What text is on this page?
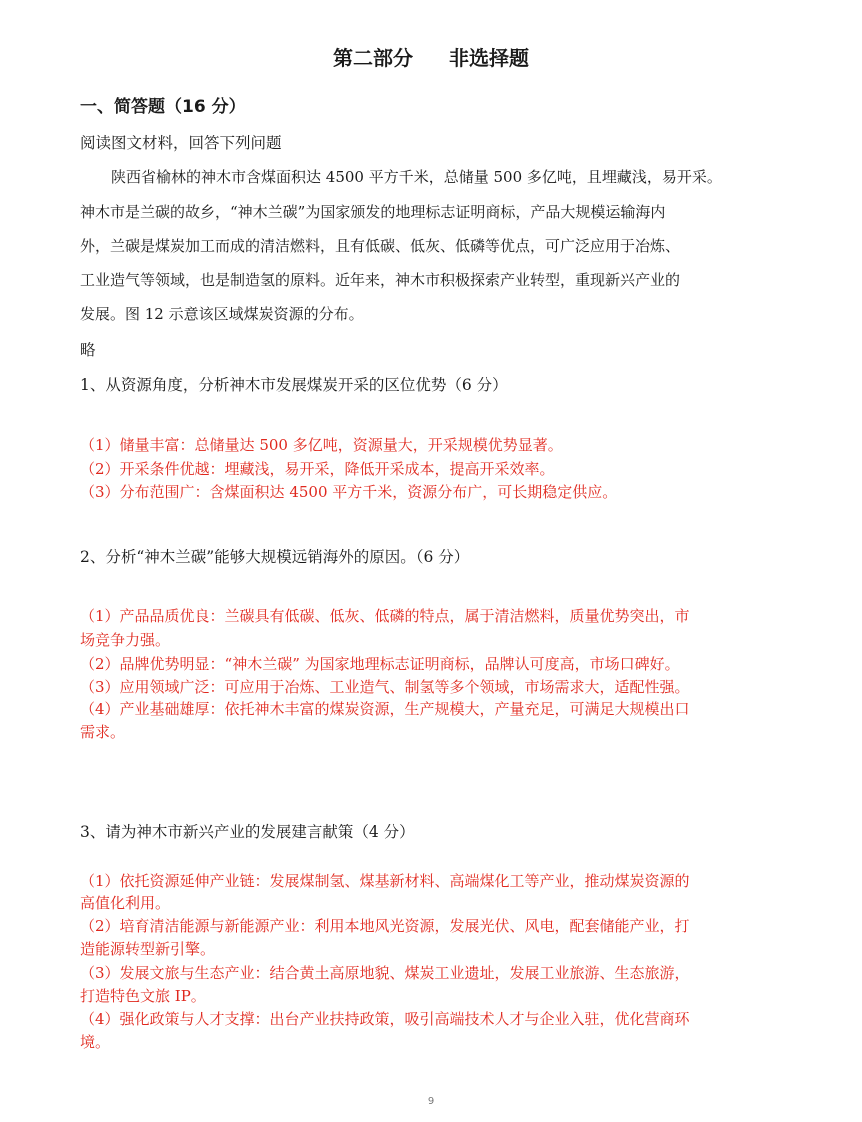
第二部分 非选择题
一、简答题（16 分）
阅读图文材料，回答下列问题
陕西省榆林的神木市含煤面积达 4500 平方千米，总储量 500 多亿吨，且埋藏浅，易开采。
神木市是兰碳的故乡，“神木兰碳”为国家颁发的地理标志证明商标，产品大规模运输海内
外，兰碳是煤炭加工而成的清洁燃料，且有低碳、低灰、低磷等优点，可广泛应用于冶炼、
工业造气等领域，也是制造氢的原料。近年来，神木市积极探索产业转型，重现新兴产业的
发展。图 12 示意该区域煤炭资源的分布。
略
1、从资源角度，分析神木市发展煤炭开采的区位优势（6 分）
（1）储量丰富：总储量达 500 多亿吨，资源量大，开采规模优势显著。
（2）开采条件优越：埋藏浅，易开采，降低开采成本，提高开采效率。
（3）分布范围广：含煤面积达 4500 平方千米，资源分布广，可长期稳定供应。
2、分析“神木兰碳”能够大规模远销海外的原因。（6 分）
（1）产品品质优良：兰碳具有低碳、低灰、低磷的特点，属于清洁燃料，质量优势突出，市
场竞争力强。
（2）品牌优势明显：“神木兰碳” 为国家地理标志证明商标，品牌认可度高，市场口碑好。
（3）应用领域广泛：可应用于冶炼、工业造气、制氢等多个领域，市场需求大，适配性强。
（4）产业基础雄厚：依托神木丰富的煤炭资源，生产规模大，产量充足，可满足大规模出口
需求。
3、请为神木市新兴产业的发展建言献策（4 分）
（1）依托资源延伸产业链：发展煤制氢、煤基新材料、高端煤化工等产业，推动煤炭资源的
高值化利用。
（2）培育清洁能源与新能源产业：利用本地风光资源，发展光伏、风电，配套储能产业，打
造能源转型新引擎。
（3）发展文旅与生态产业：结合黄土高原地貌、煤炭工业遗址，发展工业旅游、生态旅游，
打造特色文旅 IP。
（4）强化政策与人才支撑：出台产业扶持政策，吸引高端技术人才与企业入驻，优化营商环
境。
9
